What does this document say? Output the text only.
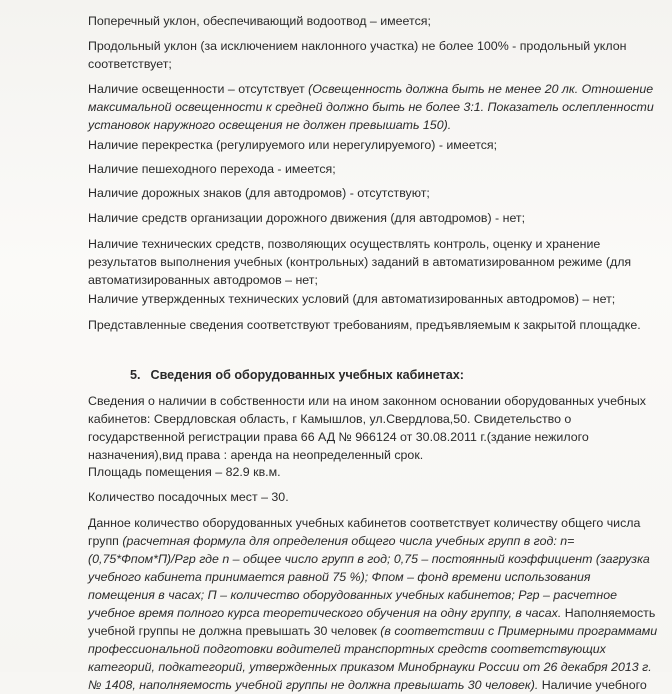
Поперечный уклон, обеспечивающий водоотвод – имеется;

Продольный уклон (за исключением наклонного участка) не более 100% - продольный уклон соответствует;

Наличие освещенности – отсутствует (Освещенность должна быть не менее 20 лк. Отношение максимальной освещенности к средней должно быть не более 3:1. Показатель ослепленности установок наружного освещения не должен превышать 150).

Наличие перекрестка (регулируемого или нерегулируемого) - имеется;

Наличие пешеходного перехода - имеется;

Наличие дорожных знаков (для автодромов) - отсутствуют;

Наличие средств организации дорожного движения (для автодромов) - нет;

Наличие технических средств, позволяющих осуществлять контроль, оценку и хранение результатов выполнения учебных (контрольных) заданий в автоматизированном режиме (для автоматизированных автодромов – нет;

Наличие утвержденных технических условий (для автоматизированных автодромов) – нет;

Представленные сведения соответствуют требованиям, предъявляемым к закрытой площадке.

5. Сведения об оборудованных учебных кабинетах:

Сведения о наличии в собственности или на ином законном основании оборудованных учебных кабинетов: Свердловская область, г Камышлов, ул.Свердлова,50. Свидетельство о государственной регистрации права 66 АД № 966124 от 30.08.2011 г.(здание нежилого назначения),вид права : аренда на неопределенный срок.

Площадь помещения – 82.9 кв.м.

Количество посадочных мест – 30.

Данное количество оборудованных учебных кабинетов соответствует количеству общего числа групп (расчетная формула для определения общего числа учебных групп в год: n=(0,75*Фпом*П)/Ргр где n – общее число групп в год; 0,75 – постоянный коэффициент (загрузка учебного кабинета принимается равной 75 %); Фпом – фонд времени использования помещения в часах; П – количество оборудованных учебных кабинетов; Ргр – расчетное учебное время полного курса теоретического обучения на одну группу, в часах. Наполняемость учебной группы не должна превышать 30 человек (в соответствии с Примерными программами профессиональной подготовки водителей транспортных средств соответствующих категорий, подкатегорий, утвержденных приказом Минобрнауки России от 26 декабря 2013 г. № 1408, наполняемость учебной группы не должна превышать 30 человек). Наличие учебного
